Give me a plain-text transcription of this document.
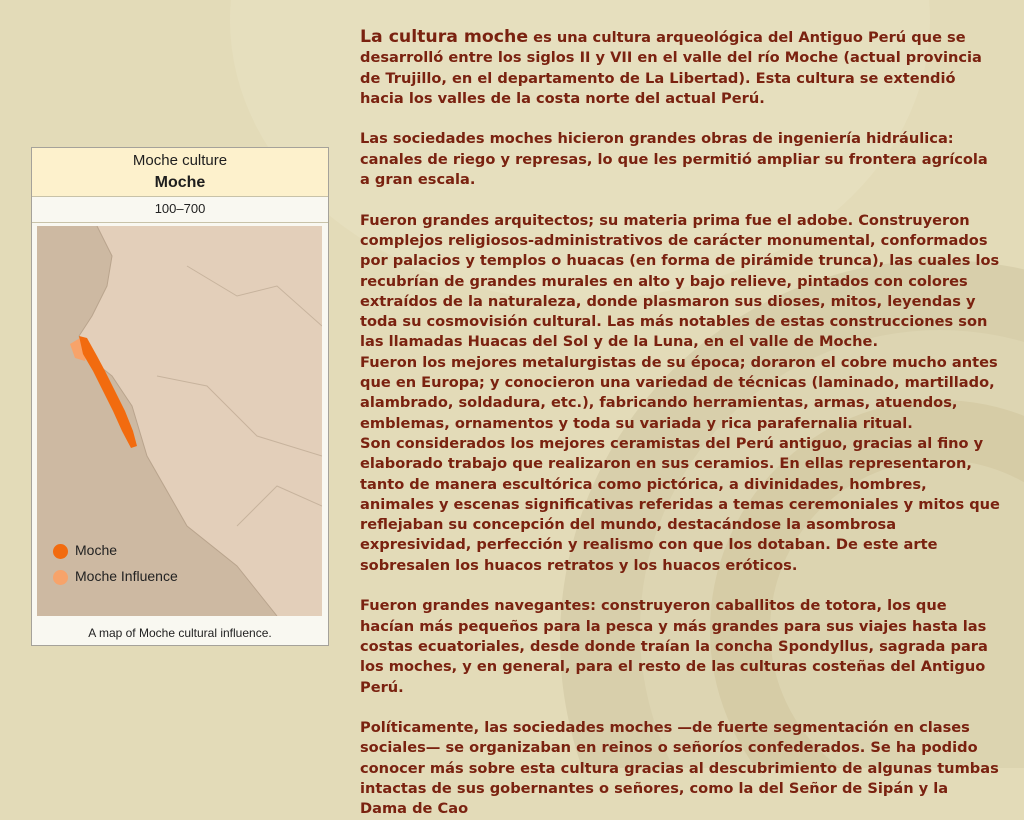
Moche culture
Moche
100–700
Moche
Moche Influence
A map of Moche cultural influence.

La cultura moche es una cultura arqueológica del Antiguo Perú que se desarrolló entre los siglos II y VII en el valle del río Moche (actual provincia de Trujillo, en el departamento de La Libertad). Esta cultura se extendió hacia los valles de la costa norte del actual Perú.

Las sociedades moches hicieron grandes obras de ingeniería hidráulica: canales de riego y represas, lo que les permitió ampliar su frontera agrícola a gran escala.

Fueron grandes arquitectos; su materia prima fue el adobe. Construyeron complejos religiosos-administrativos de carácter monumental, conformados por palacios y templos o huacas (en forma de pirámide trunca), las cuales los recubrían de grandes murales en alto y bajo relieve, pintados con colores extraídos de la naturaleza, donde plasmaron sus dioses, mitos, leyendas y toda su cosmovisión cultural. Las más notables de estas construcciones son las llamadas Huacas del Sol y de la Luna, en el valle de Moche.

Fueron los mejores metalurgistas de su época; doraron el cobre mucho antes que en Europa; y conocieron una variedad de técnicas (laminado, martillado, alambrado, soldadura, etc.), fabricando herramientas, armas, atuendos, emblemas, ornamentos y toda su variada y rica parafernalia ritual.

Son considerados los mejores ceramistas del Perú antiguo, gracias al fino y elaborado trabajo que realizaron en sus ceramios. En ellas representaron, tanto de manera escultórica como pictórica, a divinidades, hombres, animales y escenas significativas referidas a temas ceremoniales y mitos que reflejaban su concepción del mundo, destacándose la asombrosa expresividad, perfección y realismo con que los dotaban. De este arte sobresalen los huacos retratos y los huacos eróticos.

Fueron grandes navegantes: construyeron caballitos de totora, los que hacían más pequeños para la pesca y más grandes para sus viajes hasta las costas ecuatoriales, desde donde traían la concha Spondyllus, sagrada para los moches, y en general, para el resto de las culturas costeñas del Antiguo Perú.

Políticamente, las sociedades moches —de fuerte segmentación en clases sociales— se organizaban en reinos o señoríos confederados. Se ha podido conocer más sobre esta cultura gracias al descubrimiento de algunas tumbas intactas de sus gobernantes o señores, como la del Señor de Sipán y la Dama de Cao
